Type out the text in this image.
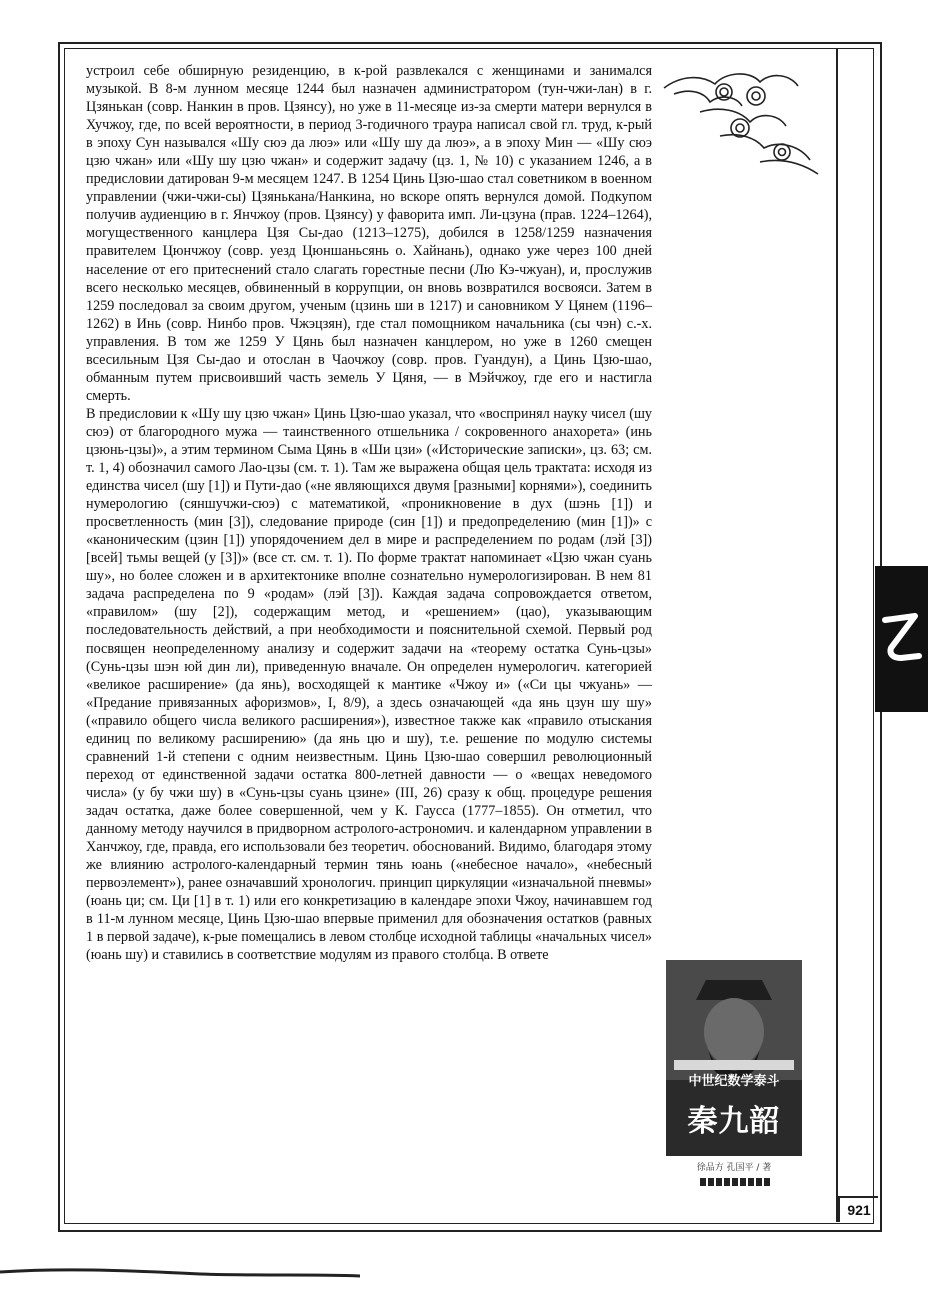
устроил себе обширную резиденцию, в к-рой развлекался с женщинами и занимался музыкой. В 8-м лунном месяце 1244 был назначен администратором (тун-чжи-лан) в г. Цзянькан (совр. Нанкин в пров. Цзянсу), но уже в 11-месяце из-за смерти матери вернулся в Хучжоу, где, по всей вероятности, в период 3-годичного траура написал свой гл. труд, к-рый в эпоху Сун назывался «Шу сюэ да люэ» или «Шу шу да люэ», а в эпоху Мин — «Шу сюэ цзю чжан» или «Шу шу цзю чжан» и содержит задачу (цз. 1, № 10) с указанием 1246, а в предисловии датирован 9-м месяцем 1247. В 1254 Цинь Цзю-шао стал советником в военном управлении (чжи-чжи-сы) Цзянькана/Нанкина, но вскоре опять вернулся домой. Подкупом получив аудиенцию в г. Янчжоу (пров. Цзянсу) у фаворита имп. Ли-цзуна (прав. 1224–1264), могущественного канцлера Цзя Сы-дао (1213–1275), добился в 1258/1259 назначения правителем Цюнчжоу (совр. уезд Цюншаньсянь о. Хайнань), однако уже через 100 дней население от его притеснений стало слагать горестные песни (Лю Кэ-чжуан), и, прослужив всего несколько месяцев, обвиненный в коррупции, он вновь возвратился восвояси. Затем в 1259 последовал за своим другом, ученым (цзинь ши в 1217) и сановником У Цянем (1196–1262) в Инь (совр. Нинбо пров. Чжэцзян), где стал помощником начальника (сы чэн) с.-х. управления. В том же 1259 У Цянь был назначен канцлером, но уже в 1260 смещен всесильным Цзя Сы-дао и отослан в Чаочжоу (совр. пров. Гуандун), а Цинь Цзю-шао, обманным путем присвоивший часть земель У Цяня, — в Мэйчжоу, где его и настигла смерть.

В предисловии к «Шу шу цзю чжан» Цинь Цзю-шао указал, что «воспринял науку чисел (шу сюэ) от благородного мужа — таинственного отшельника / сокровенного анахорета» (инь цзюнь-цзы)», а этим термином Сыма Цянь в «Ши цзи» («Исторические записки», цз. 63; см. т. 1, 4) обозначил самого Лао-цзы (см. т. 1). Там же выражена общая цель трактата: исходя из единства чисел (шу [1]) и Пути-дао («не являющихся двумя [разными] корнями»), соединить нумерологию (сяншучжи-сюэ) с математикой, «проникновение в дух (шэнь [1]) и просветленность (мин [3]), следование природе (син [1]) и предопределению (мин [1])» с «каноническим (цзин [1]) упорядочением дел в мире и распределением по родам (лэй [3]) [всей] тьмы вещей (у [3])» (все ст. см. т. 1). По форме трактат напоминает «Цзю чжан суань шу», но более сложен и в архитектонике вполне сознательно нумерологизирован. В нем 81 задача распределена по 9 «родам» (лэй [3]). Каждая задача сопровождается ответом, «правилом» (шу [2]), содержащим метод, и «решением» (цао), указывающим последовательность действий, а при необходимости и пояснительной схемой. Первый род посвящен неопределенному анализу и содержит задачи на «теорему остатка Сунь-цзы» (Сунь-цзы шэн юй дин ли), приведенную вначале. Он определен нумерологич. категорией «великое расширение» (да янь), восходящей к мантике «Чжоу и» («Си цы чжуань» — «Предание привязанных афоризмов», I, 8/9), а здесь означающей «да янь цзун шу шу» («правило общего числа великого расширения»), известное также как «правило отыскания единиц по великому расширению» (да янь цю и шу), т.е. решение по модулю системы сравнений 1-й степени с одним неизвестным. Цинь Цзю-шао совершил революционный переход от единственной задачи остатка 800-летней давности — о «вещах неведомого числа» (у бу чжи шу) в «Сунь-цзы суань цзине» (III, 26) сразу к общ. процедуре решения задач остатка, даже более совершенной, чем у К. Гаусса (1777–1855). Он отметил, что данному методу научился в придворном астролого-астрономич. и календарном управлении в Ханчжоу, где, правда, его использовали без теоретич. обоснований. Видимо, благодаря этому же влиянию астролого-календарный термин тянь юань («небесное начало», «небесный первоэлемент»), ранее означавший хронологич. принцип циркуляции «изначальной пневмы» (юань ци; см. Ци [1] в т. 1) или его конкретизацию в календаре эпохи Чжоу, начинавшем год в 11-м лунном месяце, Цинь Цзю-шао впервые применил для обозначения остатков (равных 1 в первой задаче), к-рые помещались в левом столбце исходной таблицы «начальных чисел» (юань шу) и ставились в соответствие модулям из правого столбца. В ответе

中世纪数学泰斗
秦九韶
徐品方 孔国平 / 著
921
